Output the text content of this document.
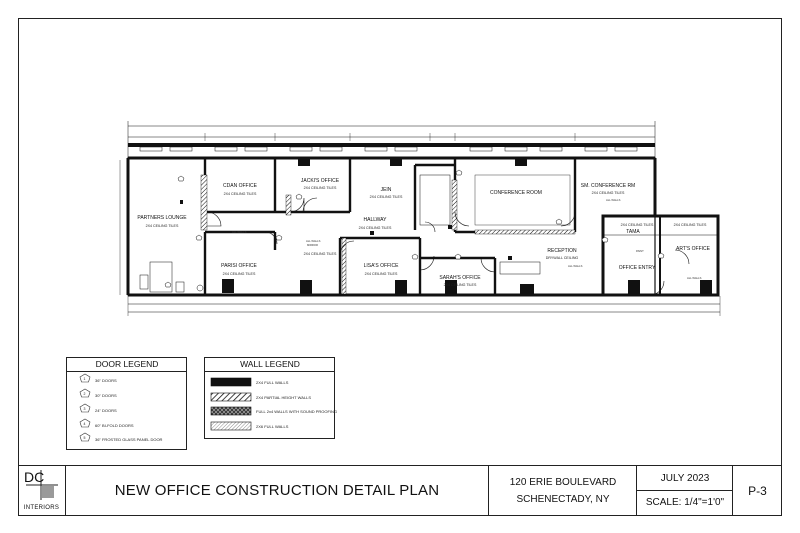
DC
DOOR LEGEND	WALL LEGEND
1 36" DOORS
2 30" DOORS
3 24" DOORS
4 60" BI-FOLD DOORS
5 36" FROSTED GLASS PANEL DOOR
2X4 FULL WALLS
2X4 PARTIAL HEIGHT WALLS
FULL 2x4 WALLS WITH SOUND PROOFING
2X6 FULL WALLS
PARTNERS LOUNGE
2X4 CEILING TILES
CDAN OFFICE
2X4 CEILING TILES
JACKI'S OFFICE
2X4 CEILING TILES	JEIN
2X4 CEILING TILES
HALLWAY
2X4 CEILING TILES
CONFERENCE ROOM
SM. CONFERENCE RM
2X4 CEILING TILES
PARISI OFFICE
2X4 CEILING TILES
LISA'S OFFICE
2X4 CEILING TILES
SARAH'S OFFICE
2X4 CEILING TILES
RECEPTION
DRYWALL CEILING
TAMA
OFFICE ENTRY
ART'S OFFICE
2X4 CEILING TILES	2X4 CEILING TILES
2X4 CEILING TILES
ALL WALLS
ALL WALLS
ALL WALLS
ALL WALLS
ALL WALLS
MIRROR
PAINT
NEW OFFICE CONSTRUCTION DETAIL PLAN	120 ERIE BOULEVARD
SCHENECTADY, NY
JULY 2023
SCALE: 1/4"=1'0"
P-3
INTERIORS
